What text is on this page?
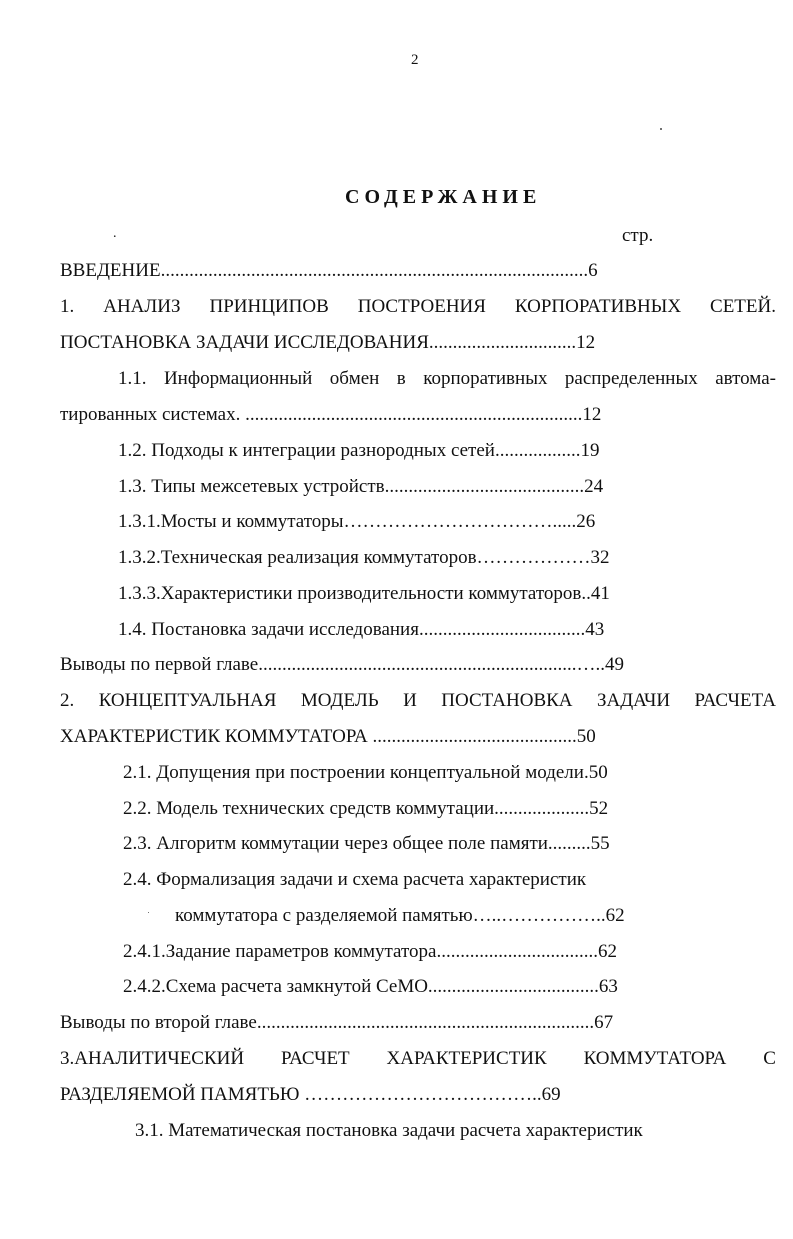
2
СОДЕРЖАНИЕ
.	стр.
ВВЕДЕНИЕ..........................................................................................6
1. АНАЛИЗ ПРИНЦИПОВ ПОСТРОЕНИЯ КОРПОРАТИВНЫХ СЕТЕЙ.
ПОСТАНОВКА ЗАДАЧИ ИССЛЕДОВАНИЯ...............................12
1.1. Информационный обмен в корпоративных распределенных автома-
тированных системах. .......................................................................12
1.2. Подходы к интеграции разнородных сетей..................19
1.3. Типы межсетевых устройств..........................................24
1.3.1.Мосты и коммутаторы…………………………….....26
1.3.2.Техническая реализация коммутаторов………………32
1.3.3.Характеристики производительности коммутаторов..41
1.4. Постановка задачи исследования...................................43
Выводы по первой главе...................................................................…..49
2. КОНЦЕПТУАЛЬНАЯ МОДЕЛЬ И ПОСТАНОВКА ЗАДАЧИ РАСЧЕТА
ХАРАКТЕРИСТИК КОММУТАТОРА ...........................................50
2.1. Допущения при построении концептуальной модели.50
2.2. Модель технических средств коммутации....................52
2.3. Алгоритм коммутации через общее поле памяти.........55
2.4. Формализация задачи и схема расчета характеристик
коммутатора с разделяемой памятью…..……………..62
2.4.1.Задание параметров коммутатора..................................62
2.4.2.Схема расчета замкнутой СеМО....................................63
Выводы по второй главе.......................................................................67
3.АНАЛИТИЧЕСКИЙ РАСЧЕТ ХАРАКТЕРИСТИК КОММУТАТОРА С
РАЗДЕЛЯЕМОЙ ПАМЯТЬЮ ………………………………..69
3.1. Математическая постановка задачи расчета характеристик
